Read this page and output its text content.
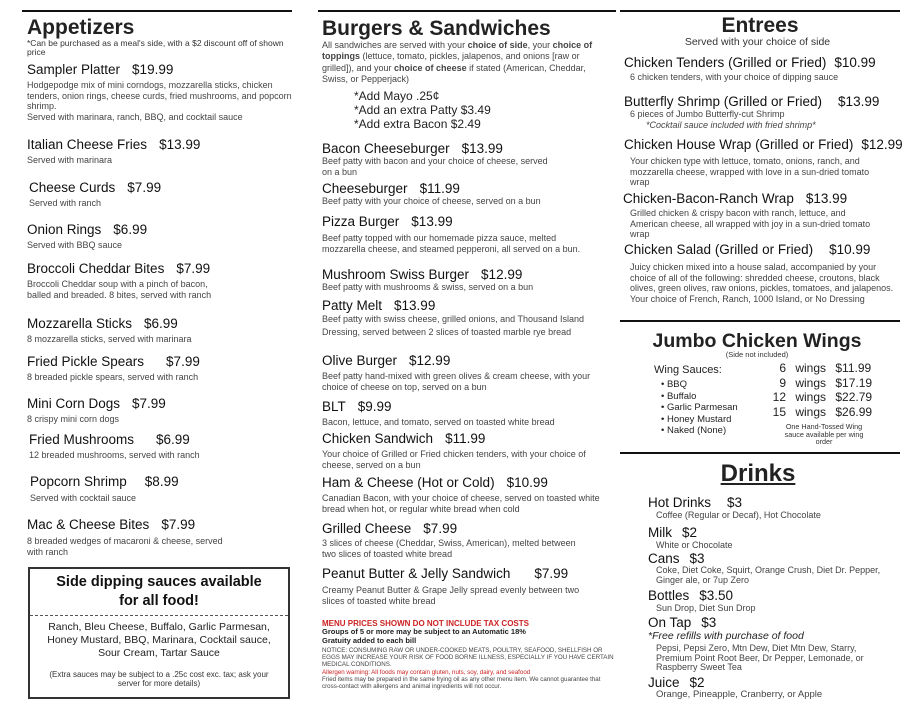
Appetizers
*Can be purchased as a meal's side, with a $2 discount off of shown price
Sampler Platter $19.99
Hodgepodge mix of mini corndogs, mozzarella sticks, chicken tenders, onion rings, cheese curds, fried mushrooms, and popcorn shrimp.
Served with marinara, ranch, BBQ, and cocktail sauce
Italian Cheese Fries $13.99
Served with marinara
Cheese Curds $7.99
Served with ranch
Onion Rings $6.99
Served with BBQ sauce
Broccoli Cheddar Bites $7.99
Broccoli Cheddar soup with a pinch of bacon, balled and breaded. 8 bites, served with ranch
Mozzarella Sticks $6.99
8 mozzarella sticks, served with marinara
Fried Pickle Spears $7.99
8 breaded pickle spears, served with ranch
Mini Corn Dogs $7.99
8 crispy mini corn dogs
Fried Mushrooms $6.99
12 breaded mushrooms, served with ranch
Popcorn Shrimp $8.99
Served with cocktail sauce
Mac & Cheese Bites $7.99
8 breaded wedges of macaroni & cheese, served with ranch
Side dipping sauces available for all food!
Ranch, Bleu Cheese, Buffalo, Garlic Parmesan, Honey Mustard, BBQ, Marinara, Cocktail sauce, Sour Cream, Tartar Sauce
(Extra sauces may be subject to a .25c cost exc. tax; ask your server for more details)
Burgers & Sandwiches
All sandwiches are served with your choice of side, your choice of toppings (lettuce, tomato, pickles, jalapenos, and onions [raw or grilled]), and your choice of cheese if stated (American, Cheddar, Swiss, or Pepperjack)
*Add Mayo .25¢
*Add an extra Patty $3.49
*Add extra Bacon $2.49
Bacon Cheeseburger $13.99
Beef patty with bacon and your choice of cheese, served on a bun
Cheeseburger $11.99
Beef patty with your choice of cheese, served on a bun
Pizza Burger $13.99
Beef patty topped with our homemade pizza sauce, melted mozzarella cheese, and steamed pepperoni, all served on a bun.
Mushroom Swiss Burger $12.99
Beef patty with mushrooms & swiss, served on a bun
Patty Melt $13.99
Beef patty with swiss cheese, grilled onions, and Thousand Island Dressing, served between 2 slices of toasted marble rye bread
Olive Burger $12.99
Beef patty hand-mixed with green olives & cream cheese, with your choice of cheese on top, served on a bun
BLT $9.99
Bacon, lettuce, and tomato, served on toasted white bread
Chicken Sandwich $11.99
Your choice of Grilled or Fried chicken tenders, with your choice of cheese, served on a bun
Ham & Cheese (Hot or Cold) $10.99
Canadian Bacon, with your choice of cheese, served on toasted white bread when hot, or regular white bread when cold
Grilled Cheese $7.99
3 slices of cheese (Cheddar, Swiss, American), melted between two slices of toasted white bread
Peanut Butter & Jelly Sandwich $7.99
Creamy Peanut Butter & Grape Jelly spread evenly between two slices of toasted white bread
MENU PRICES SHOWN DO NOT INCLUDE TAX COSTS
Groups of 5 or more may be subject to an Automatic 18% Gratuity added to each bill
NOTICE: CONSUMING RAW OR UNDER-COOKED MEATS, POULTRY, SEAFOOD, SHELLFISH OR EGGS MAY INCREASE YOUR RISK OF FOOD BORNE ILLNESS, ESPECIALLY IF YOU HAVE CERTAIN MEDICAL CONDITIONS.
Allergen warning: All foods may contain gluten, nuts, soy, dairy, and seafood
Fried items may be prepared in the same frying oil as any other menu item. We cannot guarantee that cross-contact with allergens and animal ingredients will not occur.
Entrees
Served with your choice of side
Chicken Tenders (Grilled or Fried) $10.99
6 chicken tenders, with your choice of dipping sauce
Butterfly Shrimp (Grilled or Fried) $13.99
6 pieces of Jumbo Butterfly-cut Shrimp
*Cocktail sauce included with fried shrimp*
Chicken House Wrap (Grilled or Fried) $12.99
Your chicken type with lettuce, tomato, onions, ranch, and mozzarella cheese, wrapped with love in a sun-dried tomato wrap
Chicken-Bacon-Ranch Wrap $13.99
Grilled chicken & crispy bacon with ranch, lettuce, and American cheese, all wrapped with joy in a sun-dried tomato wrap
Chicken Salad (Grilled or Fried) $10.99
Juicy chicken mixed into a house salad, accompanied by your choice of all of the following: shredded cheese, croutons, black olives, green olives, raw onions, pickles, tomatoes, and jalapenos.
Your choice of French, Ranch, 1000 Island, or No Dressing
Jumbo Chicken Wings
(Side not included)
Wing Sauces:
• BBQ
• Buffalo
• Garlic Parmesan
• Honey Mustard
• Naked (None)
6 wings $11.99
9 wings $17.19
12 wings $22.79
15 wings $26.99
One Hand-Tossed Wing sauce available per wing order
Drinks
Hot Drinks $3
Coffee (Regular or Decaf), Hot Chocolate
Milk $2
White or Chocolate
Cans $3
Coke, Diet Coke, Squirt, Orange Crush, Diet Dr. Pepper, Ginger ale, or 7up Zero
Bottles $3.50
Sun Drop, Diet Sun Drop
On Tap $3
*Free refills with purchase of food
Pepsi, Pepsi Zero, Mtn Dew, Diet Mtn Dew, Starry, Premium Point Root Beer, Dr Pepper, Lemonade, or Raspberry Sweet Tea
Juice $2
Orange, Pineapple, Cranberry, or Apple
